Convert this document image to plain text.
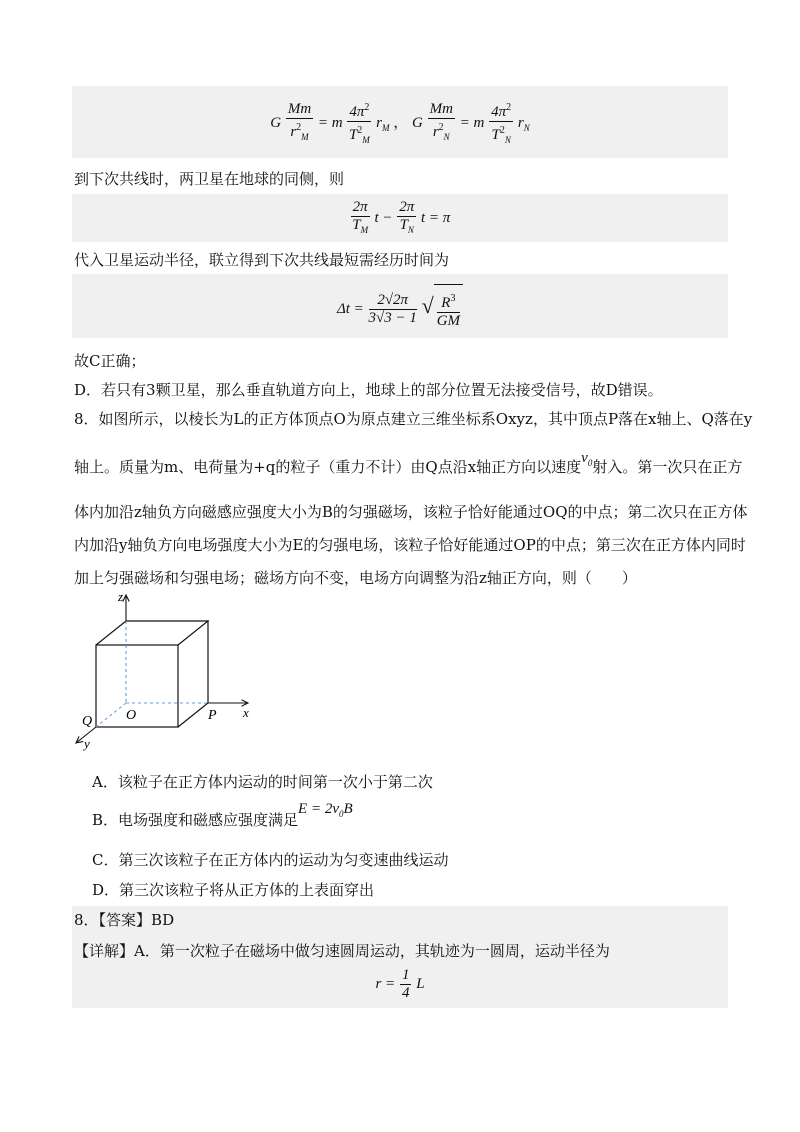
G $\frac{Mm}{r^2_M} = m \frac{4\pi^2}{T^2_M} r_M$ ， G $\frac{Mm}{r^2_N} = m \frac{4\pi^2}{T^2_N} r_N$
到下次共线时，两卫星在地球的同侧，则
$\frac{2\pi}{T_M}$ $t - \frac{2\pi}{T_N}$ t = π
代入卫星运动半径，联立得到下次共线最短需经历时间为
$\Delta t = \frac{2√2\pi}{3√3 - 1}$ √ $\frac{R^3}{GM}$
故C正确；
D．若只有3颗卫星，那么垂直轨道方向上，地球上的部分位置无法接受信号，故D错误。
8．如图所示，以棱长为L的正方体顶点O为原点建立三维坐标系Oxyz，其中顶点P落在x轴上、Q落在y
轴上。质量为m、电荷量为+q的粒子（重力不计）由Q点沿x轴正方向以速度$v_0$射入。第一次只在正方
体内加沿z轴负方向磁感应强度大小为B的匀强磁场，该粒子恰好能通过OQ的中点；第二次只在正方体
内加沿y轴负方向电场强度大小为E的匀强电场，该粒子恰好能通过OP的中点；第三次在正方体内同时
加上匀强磁场和匀强电场；磁场方向不变，电场方向调整为沿z轴正方向，则（　　）
z
x
y
O	P
Q
A．该粒子在正方体内运动的时间第一次小于第二次
B．电场强度和磁感应强度满足$E = 2v_0B$
C．第三次该粒子在正方体内的运动为匀变速曲线运动
D．第三次该粒子将从正方体的上表面穿出
8．【答案】BD
【详解】A．第一次粒子在磁场中做匀速圆周运动，其轨迹为一圆周，运动半径为
$r = \frac{1}{4}$ L
